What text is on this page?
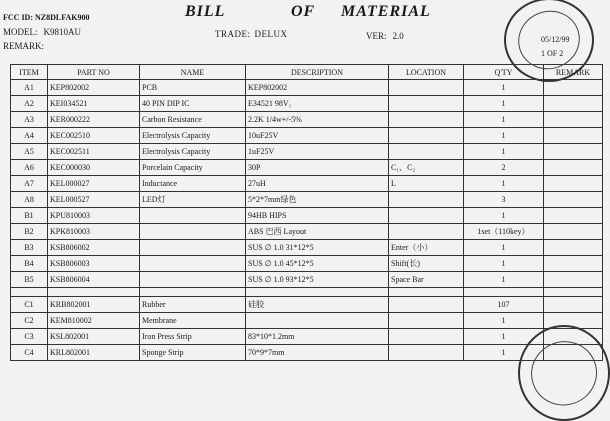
FCC ID: NZ8DLFAK900
MODEL: K9810AU
REMARK:
BILL	OF MATERIAL
TRADE: DELUX	VER: 2.0	05/12/99
1 OF 2
ITEM	PART NO	NAME	DESCRIPTION	LOCATION	Q'TY	REMARK
A1	KEP802002	PCB	KEP802002		1	
A2	KEI034521	40 PIN DIP IC	E34521 98V₁		1	
A3	KER000222	Carbon Resistance	2.2K 1/4w+/-5%		1	
A4	KEC002510	Electrolysis Capacity	10uF25V		1	
A5	KEC002511	Electrolysis Capacity	1uF25V		1	
A6	KEC000030	Porcelain Capacity	30P	C₁、C₂	2	
A7	KEL000027	Inductance	27uH	L	1	
A8	KEL000527	LED灯	5*2*7mm绿色		3	
B1	KPU810003		94HB HIPS		1	
B2	KPK810003		ABS 巴西 Layout		1set（110key）	
B3	KSB806002		SUS ∅ 1.0 31*12*5	Enter（小）	1	
B4	KSB806003		SUS ∅ 1.0 45*12*5	Shift(长)	1	
B5	KSB806004		SUS ∅ 1.0 93*12*5	Space Bar	1	

C1	KRB802001	Rubber	硅胶		107	
C2	KEM810002	Membrane			1	
C3	KSL802001	Iron Press Strip	83*10*1.2mm		1	
C4	KRL802001	Sponge Strip	70*9*7mm		1	
